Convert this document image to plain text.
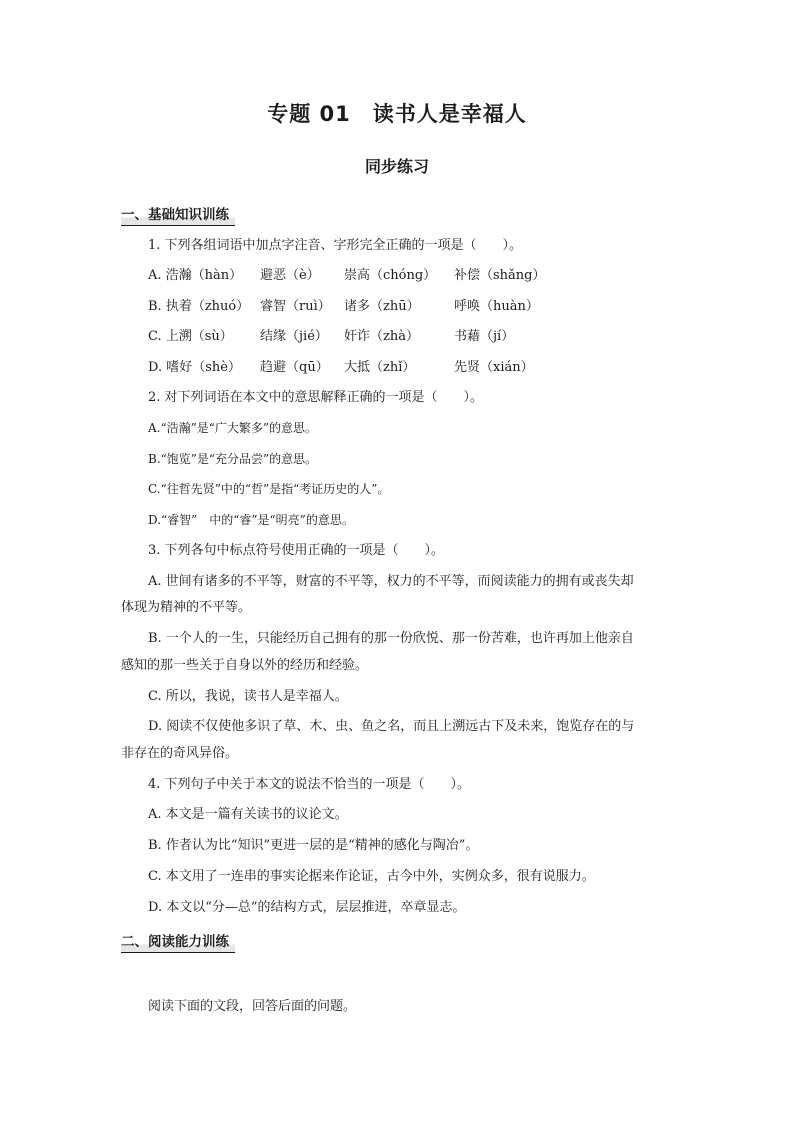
专题 01　读书人是幸福人
同步练习
一、基础知识训练
1. 下列各组词语中加点字注音、字形完全正确的一项是（　　）。
A. 浩瀚（hàn） 避恶（è） 崇高（chóng） 补偿（shǎng）
B. 执着（zhuó） 睿智（ruì） 诸多（zhū）	呼唤（huàn）
C. 上溯（sù） 结缘（jié） 奸诈（zhà）	书藉（jí）
D. 嗜好（shè） 趋避（qū） 大抵（zhǐ）	先贤（xián）
2. 对下列词语在本文中的意思解释正确的一项是（　　）。
A.“浩瀚”是“广大繁多”的意思。
B.“饱览”是“充分品尝”的意思。
C.“往哲先贤”中的“哲”是指“考证历史的人”。
D.“睿智”　中的“睿”是“明亮”的意思。
3. 下列各句中标点符号使用正确的一项是（　　）。
A. 世间有诸多的不平等，财富的不平等，权力的不平等，而阅读能力的拥有或丧失却
体现为精神的不平等。
B. 一个人的一生，只能经历自己拥有的那一份欣悦、那一份苦难，也许再加上他亲自
感知的那一些关于自身以外的经历和经验。
C. 所以，我说，读书人是幸福人。
D. 阅读不仅使他多识了草、木、虫、鱼之名，而且上溯远古下及未来，饱览存在的与
非存在的奇风异俗。
4. 下列句子中关于本文的说法不恰当的一项是（　　）。
A. 本文是一篇有关读书的议论文。
B. 作者认为比“知识”更进一层的是“精神的感化与陶冶”。
C. 本文用了一连串的事实论据来作论证，古今中外，实例众多，很有说服力。
D. 本文以“分—总”的结构方式，层层推进，卒章显志。
二、阅读能力训练
阅读下面的文段，回答后面的问题。
